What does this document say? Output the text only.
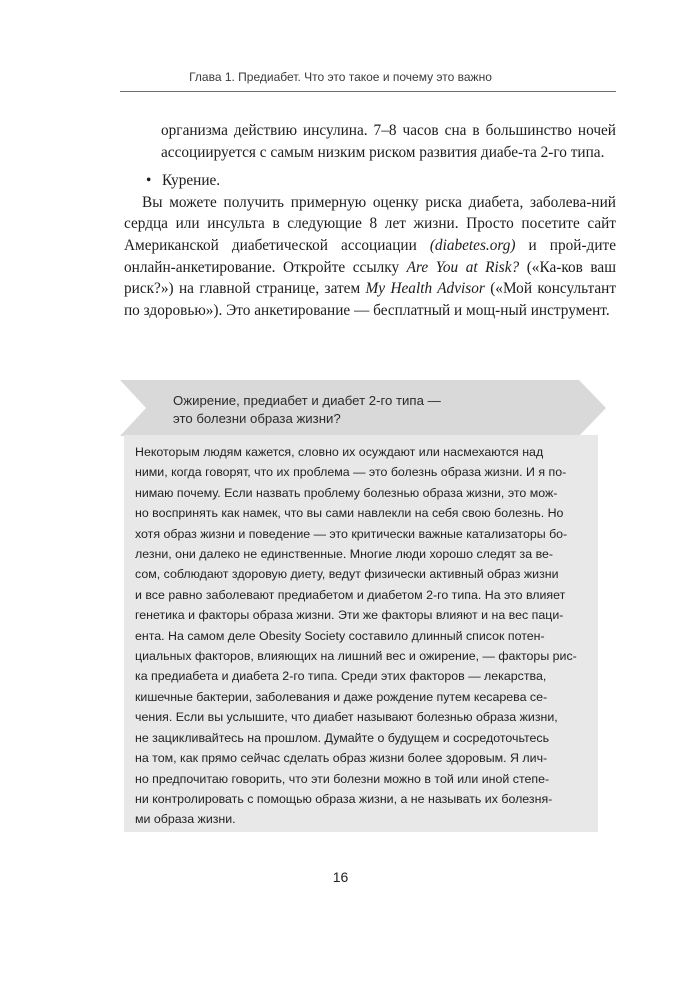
Глава 1. Предиабет. Что это такое и почему это важно

организма действию инсулина. 7–8 часов сна в большинство ночей ассоциируется с самым низким риском развития диабе-та 2-го типа.

• Курение.

Вы можете получить примерную оценку риска диабета, заболева-ний сердца или инсульта в следующие 8 лет жизни. Просто посетите сайт Американской диабетической ассоциации (diabetes.org) и прой-дите онлайн-анкетирование. Откройте ссылку Are You at Risk? («Ка-ков ваш риск?») на главной странице, затем My Health Advisor («Мой консультант по здоровью»). Это анкетирование — бесплатный и мощ-ный инструмент.

Ожирение, предиабет и диабет 2-го типа —
это болезни образа жизни?
Некоторым людям кажется, словно их осуждают или насмехаются над
ними, когда говорят, что их проблема — это болезнь образа жизни. И я по-
нимаю почему. Если назвать проблему болезнью образа жизни, это мож-
но воспринять как намек, что вы сами навлекли на себя свою болезнь. Но
хотя образ жизни и поведение — это критически важные катализаторы бо-
лезни, они далеко не единственные. Многие люди хорошо следят за ве-
сом, соблюдают здоровую диету, ведут физически активный образ жизни
и все равно заболевают предиабетом и диабетом 2-го типа. На это влияет
генетика и факторы образа жизни. Эти же факторы влияют и на вес паци-
ента. На самом деле Obesity Society составило длинный список потен-
циальных факторов, влияющих на лишний вес и ожирение, — факторы рис-
ка предиабета и диабета 2-го типа. Среди этих факторов — лекарства,
кишечные бактерии, заболевания и даже рождение путем кесарева се-
чения. Если вы услышите, что диабет называют болезнью образа жизни,
не зацикливайтесь на прошлом. Думайте о будущем и сосредоточьтесь
на том, как прямо сейчас сделать образ жизни более здоровым. Я лич-
но предпочитаю говорить, что эти болезни можно в той или иной степе-
ни контролировать с помощью образа жизни, а не называть их болезня-
ми образа жизни.
16
